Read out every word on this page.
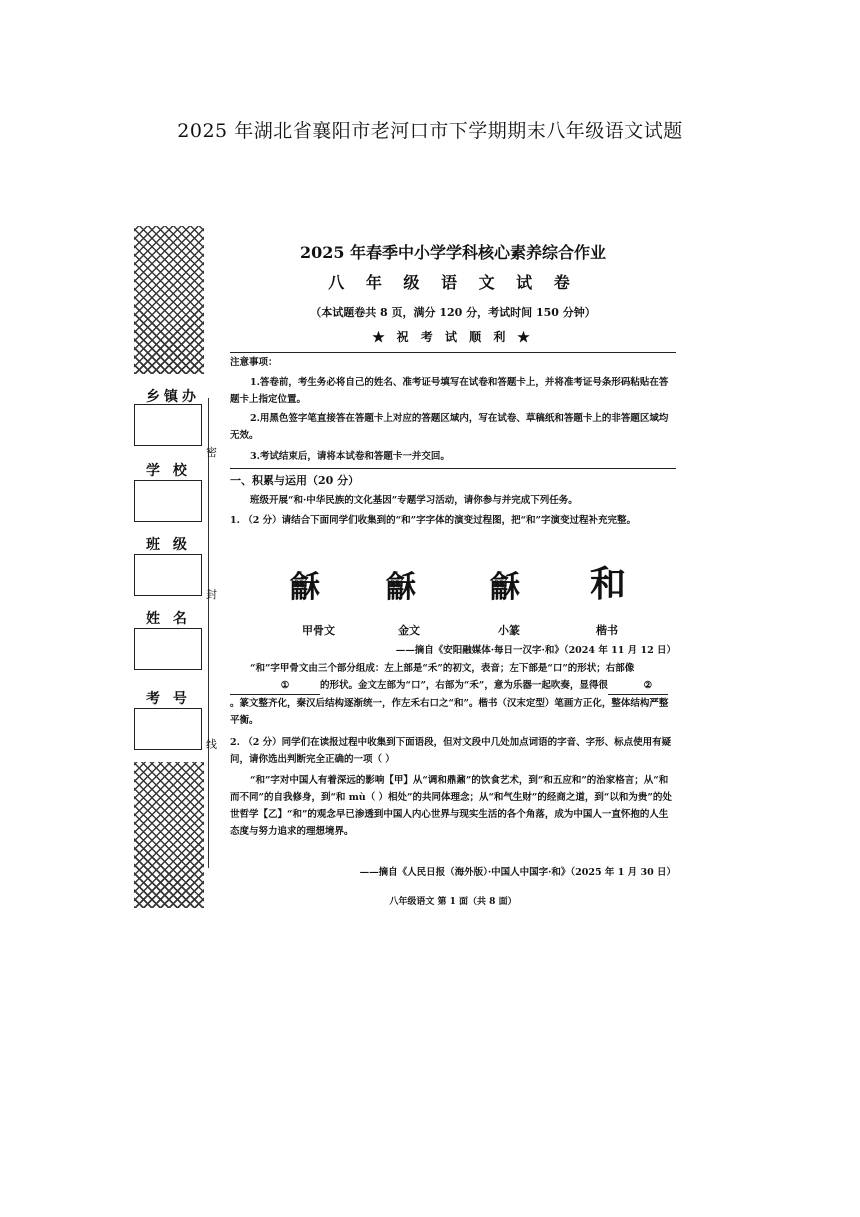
2025 年湖北省襄阳市老河口市下学期期末八年级语文试题
乡镇办
学 校
班 级
姓 名
考 号
密
封
线
2025 年春季中小学学科核心素养综合作业
八 年 级 语 文 试 卷
（本试题卷共 8 页，满分 120 分，考试时间 150 分钟）
★ 祝 考 试 顺 利 ★
注意事项：
1.答卷前，考生务必将自己的姓名、准考证号填写在试卷和答题卡上，并将准考证号条形码粘贴在答题卡上指定位置。
2.用黑色签字笔直接答在答题卡上对应的答题区域内，写在试卷、草稿纸和答题卡上的非答题区域均无效。
3.考试结束后，请将本试卷和答题卡一并交回。
一、积累与运用（20 分）
班级开展“和·中华民族的文化基因”专题学习活动，请你参与并完成下列任务。
1. （2 分）请结合下面同学们收集到的“和”字字体的演变过程图，把“和”字演变过程补充完整。
龢 龢 龢 和
甲骨文	金文	小篆	楷书
——摘自《安阳融媒体·每日一汉字·和》（2024 年 11 月 12 日）
“和”字甲骨文由三个部分组成：左上部是“禾”的初文，表音；左下部是“口”的形状；右部像①	的形状。金文左部为“口”，右部为“禾”，意为乐器一起吹奏，显得很	②。篆文整齐化，秦汉后结构逐渐统一，作左禾右口之“和”。楷书（汉末定型）笔画方正化，整体结构严整平衡。
2. （2 分）同学们在读报过程中收集到下面语段，但对文段中几处加点词语的字音、字形、标点使用有疑问，请你选出判断完全正确的一项（ ）
“和”字对中国人有着深远的影响【甲】从“调和鼎鼐”的饮食艺术，到“和五应和”的治家格言；从“和而不同”的自我修身，到“和 mù（ ）相处”的共同体理念；从“和气生财”的经商之道，到“以和为贵”的处世哲学【乙】“和”的观念早已渗透到中国人内心世界与现实生活的各个角落，成为中国人一直怀抱的人生态度与努力追求的理想境界。
——摘自《人民日报（海外版）·中国人中国字·和》（2025 年 1 月 30 日）
八年级语文 第 1 面（共 8 面）
